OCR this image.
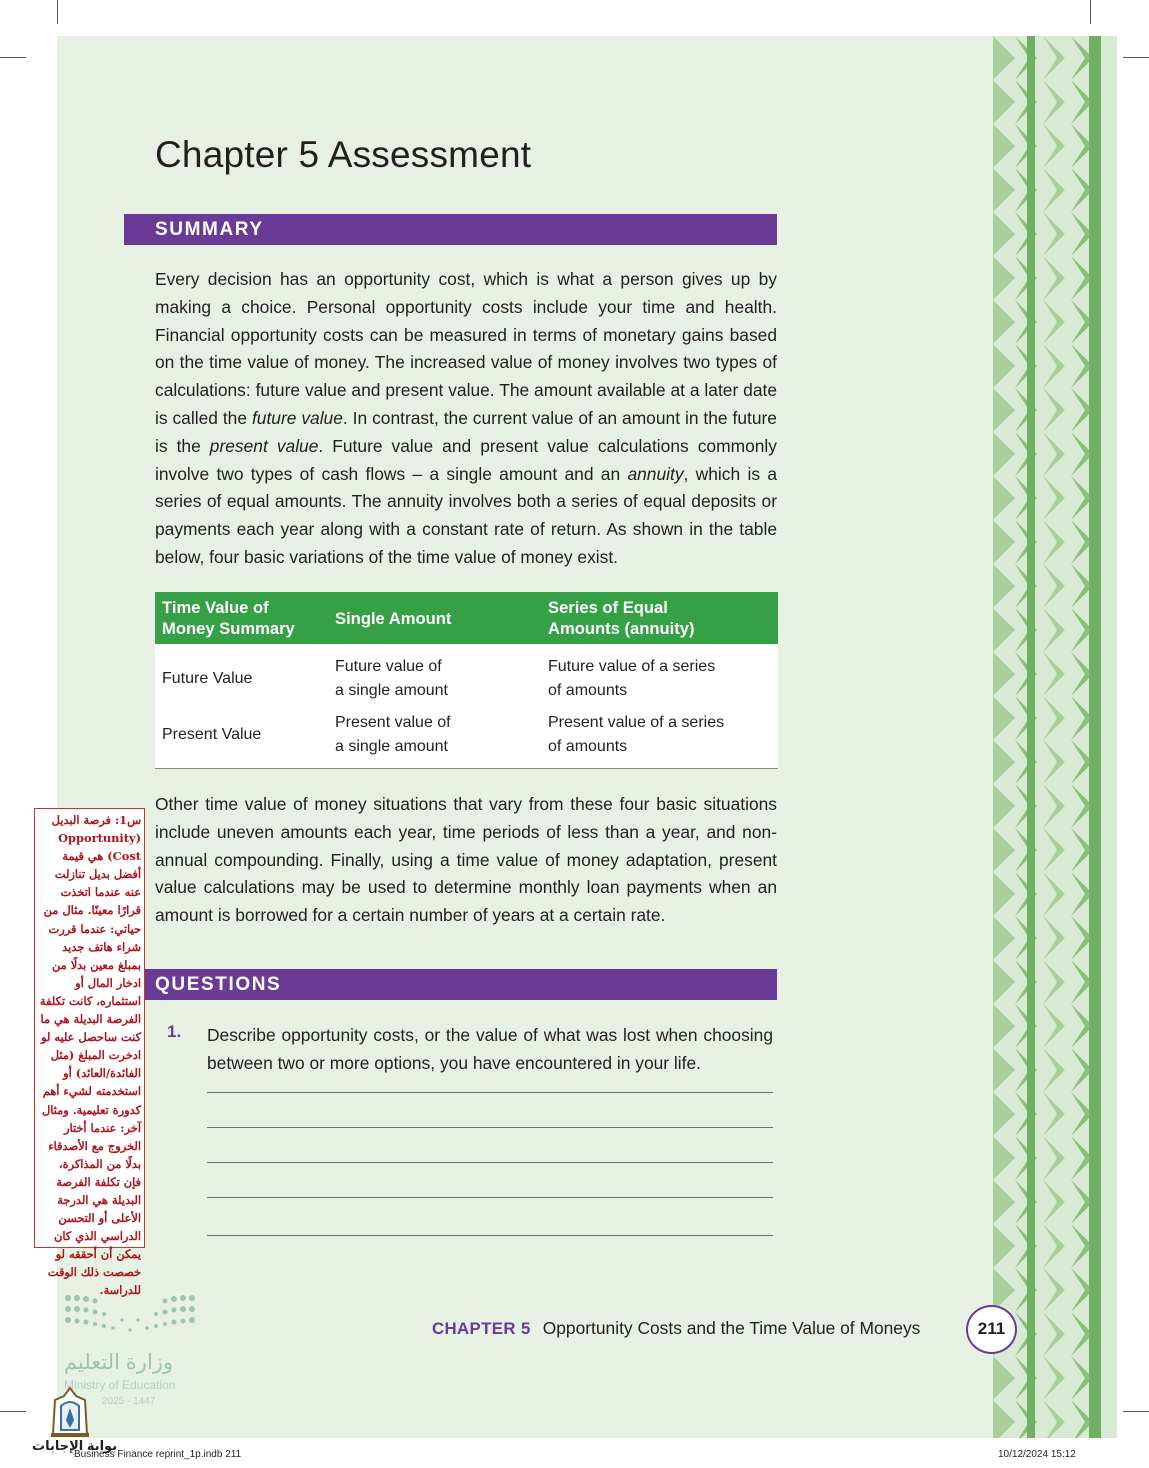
Chapter 5 Assessment
SUMMARY

Every decision has an opportunity cost, which is what a person gives up by making a choice. Personal opportunity costs include your time and health. Financial opportunity costs can be measured in terms of monetary gains based on the time value of money. The increased value of money involves two types of calculations: future value and present value. The amount available at a later date is called the future value. In contrast, the current value of an amount in the future is the present value. Future value and present value calculations commonly involve two types of cash flows – a single amount and an annuity, which is a series of equal amounts. The annuity involves both a series of equal deposits or payments each year along with a constant rate of return. As shown in the table below, four basic variations of the time value of money exist.

Time Value of
Money Summary
Single Amount
Series of Equal
Amounts (annuity)
Future Value
Future value of
a single amount
Future value of a series
of amounts
Present Value
Present value of
a single amount
Present value of a series
of amounts

Other time value of money situations that vary from these four basic situations include uneven amounts each year, time periods of less than a year, and non-annual compounding. Finally, using a time value of money adaptation, present value calculations may be used to determine monthly loan payments when an amount is borrowed for a certain number of years at a certain rate.

QUESTIONS
1. Describe opportunity costs, or the value of what was lost when choosing between two or more options, you have encountered in your life.
س1: فرصة البديل (Opportunity Cost) هي قيمة أفضل بديل تنازلت عنه عندما اتخذت قرارًا معينًا. مثال من حياتي: عندما قررت شراء هاتف جديد بمبلغ معين بدلًا من ادخار المال أو استثماره، كانت تكلفة الفرصة البديلة هي ما كنت ساحصل عليه لو ادخرت المبلغ (مثل الفائدة/العائد) أو استخدمته لشيء أهم كدورة تعليمية. ومثال آخر: عندما أختار الخروج مع الأصدقاء بدلًا من المذاكرة، فإن تكلفة الفرصة البديلة هي الدرجة الأعلى أو التحسن الدراسي الذي كان يمكن أن أحققه لو خصصت ذلك الوقت للدراسة.
وزارة التعليم
Ministry of Education
2025 - 1447
CHAPTER 5 Opportunity Costs and the Time Value of Moneys	211
بوابة الإجابات
Business Finance reprint_1p.indb 211	10/12/2024 15:12
